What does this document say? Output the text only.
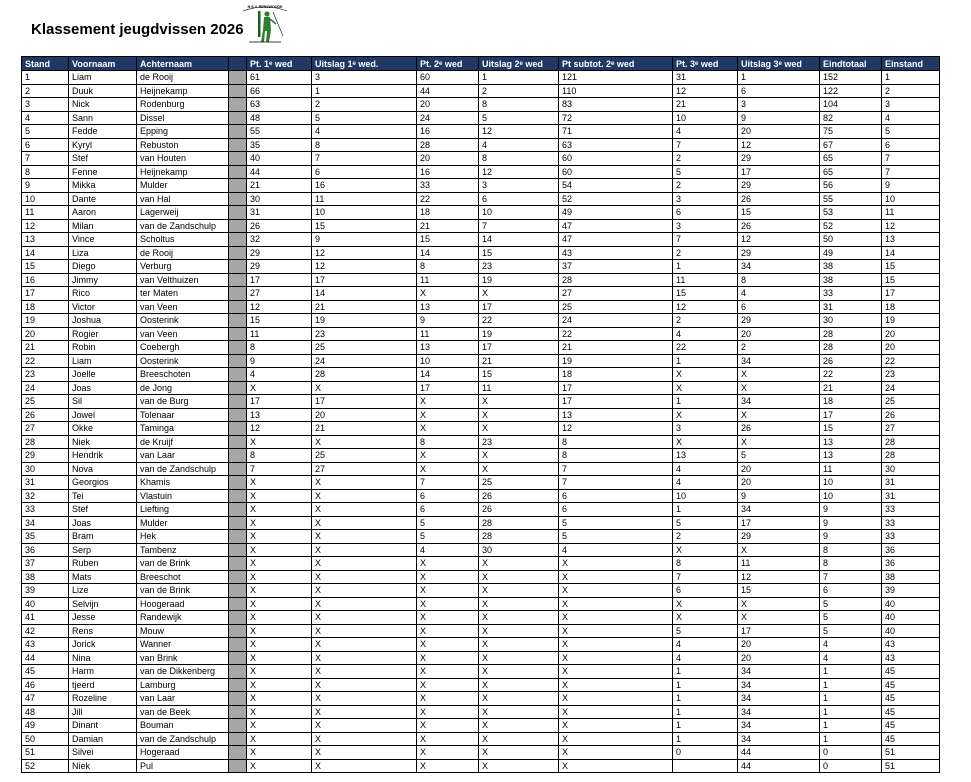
Klassement jeugdvissen 2026
H.S.V. RENSWOUDE
Stand	Voornaam	Achternaam		Pt. 1ᵉ wed	Uitslag 1ᵉ wed.	Pt. 2ᵉ wed	Uitslag 2ᵉ wed	Pt subtot. 2ᵉ wed	Pt. 3ᵉ wed	Uitslag 3ᵉ wed	Eindtotaal	Einstand
1	Liam	de Rooij		61	3	60	1	121	31	1	152	1
2	Duuk	Heijnekamp		66	1	44	2	110	12	6	122	2
3	Nick	Rodenburg		63	2	20	8	83	21	3	104	3
4	Sann	Dissel		48	5	24	5	72	10	9	82	4
5	Fedde	Epping		55	4	16	12	71	4	20	75	5
6	Kyryl	Rebuston		35	8	28	4	63	7	12	67	6
7	Stef	van Houten		40	7	20	8	60	2	29	65	7
8	Fenne	Heijnekamp		44	6	16	12	60	5	17	65	7
9	Mikka	Mulder		21	16	33	3	54	2	29	56	9
10	Dante	van Hal		30	11	22	6	52	3	26	55	10
11	Aaron	Lagerweij		31	10	18	10	49	6	15	53	11
12	Milan	van de Zandschulp		26	15	21	7	47	3	26	52	12
13	Vince	Scholtus		32	9	15	14	47	7	12	50	13
14	Liza	de Rooij		29	12	14	15	43	2	29	49	14
15	Diego	Verburg		29	12	8	23	37	1	34	38	15
16	Jimmy	van Velthuizen		17	17	11	19	28	11	8	38	15
17	Rico	ter Maten		27	14	X	X	27	15	4	33	17
18	Victor	van Veen		12	21	13	17	25	12	6	31	18
19	Joshua	Oosterink		15	19	9	22	24	2	29	30	19
20	Rogier	van Veen		11	23	11	19	22	4	20	28	20
21	Robin	Coebergh		8	25	13	17	21	22	2	28	20
22	Liam	Oosterink		9	24	10	21	19	1	34	26	22
23	Joelle	Breeschoten		4	28	14	15	18	X	X	22	23
24	Joas	de Jong		X	X	17	11	17	X	X	21	24
25	Sil	van de Burg		17	17	X	X	17	1	34	18	25
26	Jowel	Tolenaar		13	20	X	X	13	X	X	17	26
27	Okke	Taminga		12	21	X	X	12	3	26	15	27
28	Niek	de Kruijf		X	X	8	23	8	X	X	13	28
29	Hendrik	van Laar		8	25	X	X	8	13	5	13	28
30	Nova	van de Zandschulp		7	27	X	X	7	4	20	11	30
31	Georgios	Khamis		X	X	7	25	7	4	20	10	31
32	Tei	Vlastuin		X	X	6	26	6	10	9	10	31
33	Stef	Liefting		X	X	6	26	6	1	34	9	33
34	Joas	Mulder		X	X	5	28	5	5	17	9	33
35	Bram	Hek		X	X	5	28	5	2	29	9	33
36	Serp	Tambenz		X	X	4	30	4	X	X	8	36
37	Ruben	van de Brink		X	X	X	X	X	8	11	8	36
38	Mats	Breeschot		X	X	X	X	X	7	12	7	38
39	Lize	van de Brink		X	X	X	X	X	6	15	6	39
40	Selvijn	Hoogeraad		X	X	X	X	X	X	X	5	40
41	Jesse	Randewijk		X	X	X	X	X	X	X	5	40
42	Rens	Mouw		X	X	X	X	X	5	17	5	40
43	Jorick	Wanner		X	X	X	X	X	4	20	4	43
44	Nina	van Brink		X	X	X	X	X	4	20	4	43
45	Harm	van de Dikkenberg		X	X	X	X	X	1	34	1	45
46	tjeerd	Lamburg		X	X	X	X	X	1	34	1	45
47	Rozeline	van Laar		X	X	X	X	X	1	34	1	45
48	Jill	van de Beek		X	X	X	X	X	1	34	1	45
49	Dinant	Bouman		X	X	X	X	X	1	34	1	45
50	Damian	van de Zandschulp		X	X	X	X	X	1	34	1	45
51	Silvei	Hogeraad		X	X	X	X	X	0	44	0	51
52	Niek	Pul		X	X	X	X	X		44	0	51
